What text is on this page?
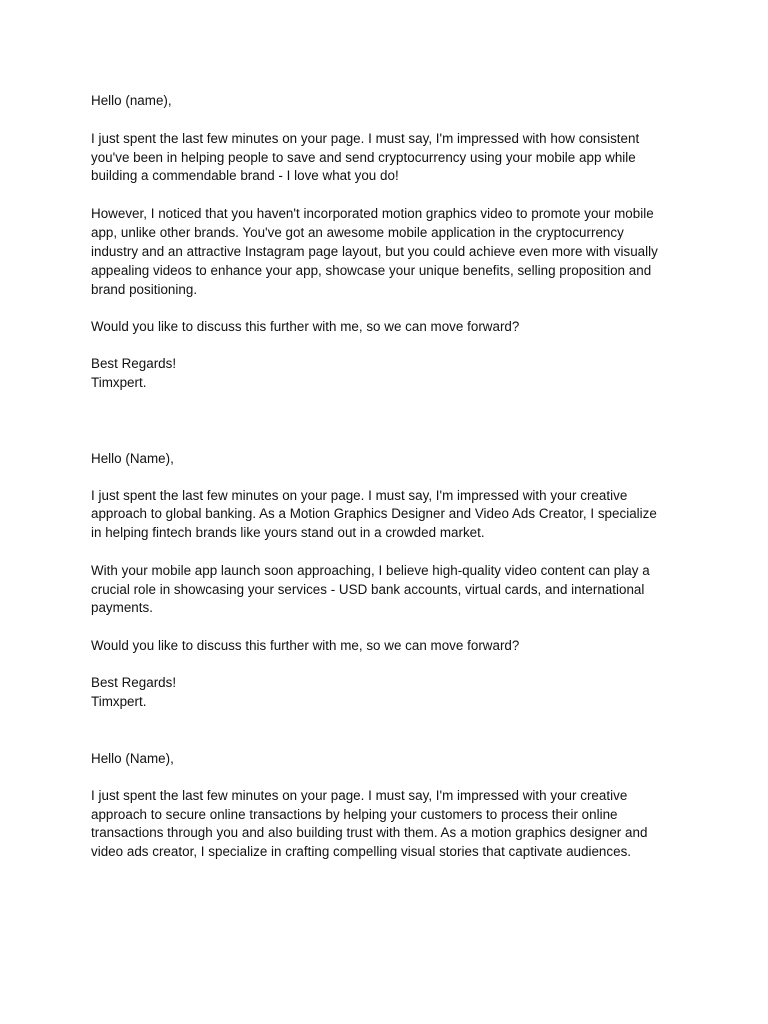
Hello (name),
I just spent the last few minutes on your page. I must say, I'm impressed with how consistent
you've been in helping people to save and send cryptocurrency using your mobile app while
building a commendable brand - I love what you do!
However, I noticed that you haven't incorporated motion graphics video to promote your mobile
app, unlike other brands. You've got an awesome mobile application in the cryptocurrency
industry and an attractive Instagram page layout, but you could achieve even more with visually
appealing videos to enhance your app, showcase your unique benefits, selling proposition and
brand positioning.
Would you like to discuss this further with me, so we can move forward?
Best Regards!
Timxpert.
Hello (Name),
I just spent the last few minutes on your page. I must say, I'm impressed with your creative
approach to global banking. As a Motion Graphics Designer and Video Ads Creator, I specialize
in helping fintech brands like yours stand out in a crowded market.
With your mobile app launch soon approaching, I believe high-quality video content can play a
crucial role in showcasing your services - USD bank accounts, virtual cards, and international
payments.
Would you like to discuss this further with me, so we can move forward?
Best Regards!
Timxpert.
Hello (Name),
I just spent the last few minutes on your page. I must say, I'm impressed with your creative
approach to secure online transactions by helping your customers to process their online
transactions through you and also building trust with them. As a motion graphics designer and
video ads creator, I specialize in crafting compelling visual stories that captivate audiences.
